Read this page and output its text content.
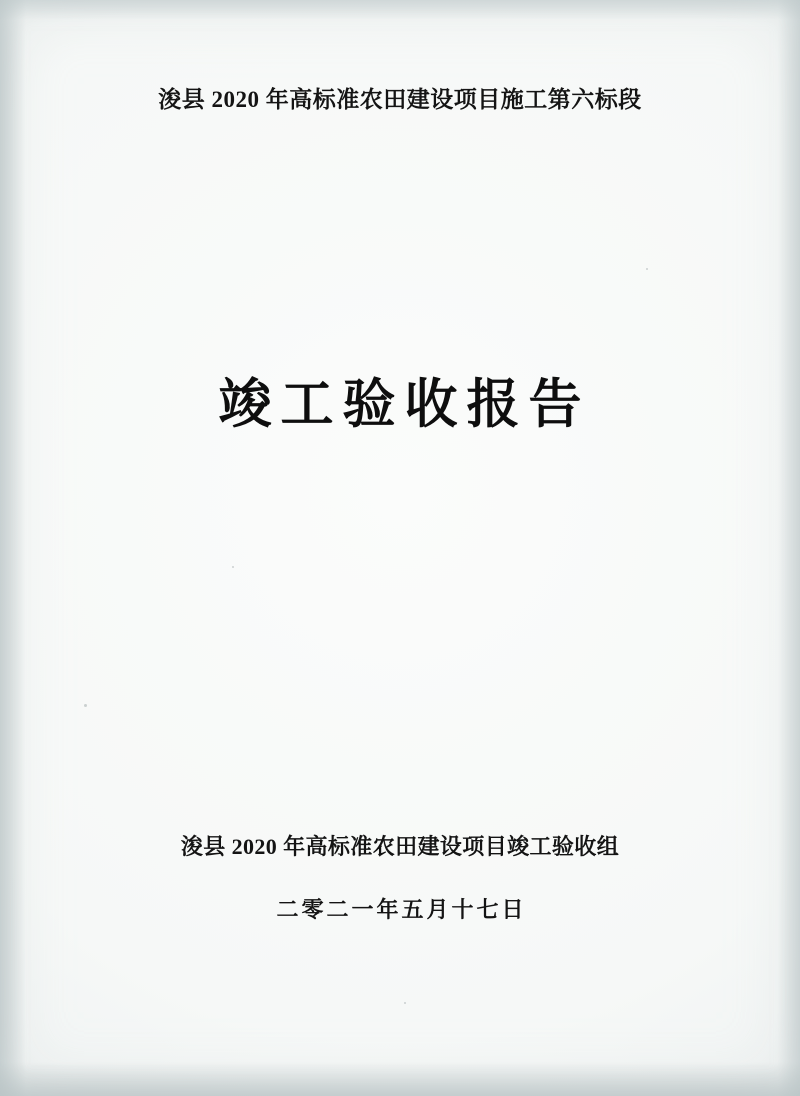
浚县 2020 年高标准农田建设项目施工第六标段
竣工验收报告
浚县 2020 年高标准农田建设项目竣工验收组
二零二一年五月十七日
